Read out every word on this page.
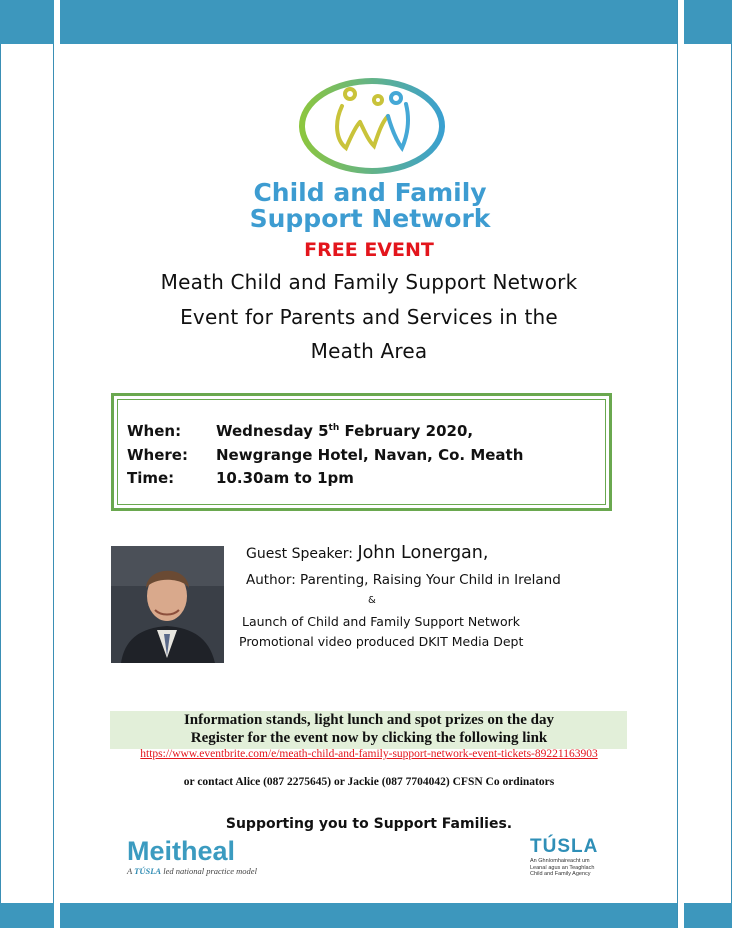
Child and Family
Support Network
FREE EVENT
Meath Child and Family Support Network
Event for Parents and Services in the
Meath Area
When: Wednesday 5th February 2020,
Where: Newgrange Hotel, Navan, Co. Meath
Time:	10.30am to 1pm
Guest Speaker: John Lonergan,
Author: Parenting, Raising Your Child in Ireland
&
Launch of Child and Family Support Network
Promotional video produced DKIT Media Dept
Information stands, light lunch and spot prizes on the day
Register for the event now by clicking the following link
https://www.eventbrite.com/e/meath-child-and-family-support-network-event-tickets-89221163903
or contact Alice (087 2275645) or Jackie (087 7704042) CFSN Co ordinators
Supporting you to Support Families.
Meitheal
A TÚSLA led national practice model
TÚSLA
An Ghníomhaireacht um
Leanaí agus an Teaghlach
Child and Family Agency
